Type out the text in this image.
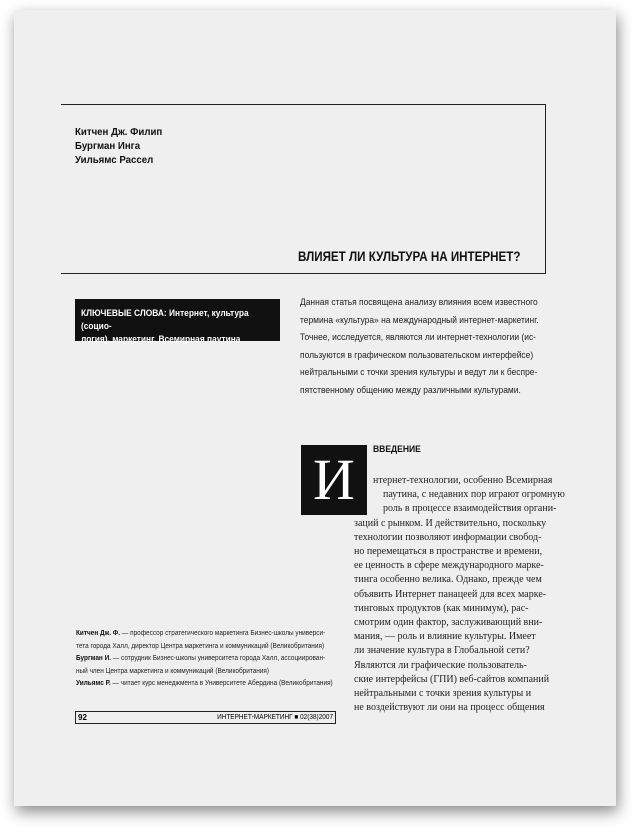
Китчен Дж. Филип
Бургман Инга
Уильямс Рассел
ВЛИЯЕТ ЛИ КУЛЬТУРА НА ИНТЕРНЕТ?
КЛЮЧЕВЫЕ СЛОВА: Интернет, культура (социо-
логия), маркетинг, Всемирная паутина
Данная статья посвящена анализу влияния всем известного
термина «культура» на международный интернет-маркетинг.
Точнее, исследуется, являются ли интернет-технологии (ис-
пользуются в графическом пользовательском интерфейсе)
нейтральными с точки зрения культуры и ведут ли к беспре-
пятственному общению между различными культурами.
И	ВВЕДЕНИЕ
нтернет-технологии, особенно Всемирная
паутина, с недавних пор играют огромную
роль в процессе взаимодействия органи-
заций с рынком. И действительно, поскольку
технологии позволяют информации свобод-
но перемещаться в пространстве и времени,
ее ценность в сфере международного марке-
тинга особенно велика. Однако, прежде чем
объявить Интернет панацеей для всех марке-
тинговых продуктов (как минимум), рас-
смотрим один фактор, заслуживающий вни-
мания, — роль и влияние культуры. Имеет
ли значение культура в Глобальной сети?
Являются ли графические пользователь-
ские интерфейсы (ГПИ) веб-сайтов компаний
нейтральными с точки зрения культуры и
не воздействуют ли они на процесс общения
Китчен Дж. Ф. — профессор стратегического маркетинга Бизнес-школы универси-
тета города Халл, директор Центра маркетинга и коммуникаций (Великобритания)
Бургман И. — сотрудник Бизнес-школы университета города Халл, ассоциирован-
ный член Центра маркетинга и коммуникаций (Великобритания)
Уильямс Р. — читает курс менеджмента в Университете Абердина (Великобритания)
92	ИНТЕРНЕТ-МАРКЕТИНГ ■ 02(38)2007
